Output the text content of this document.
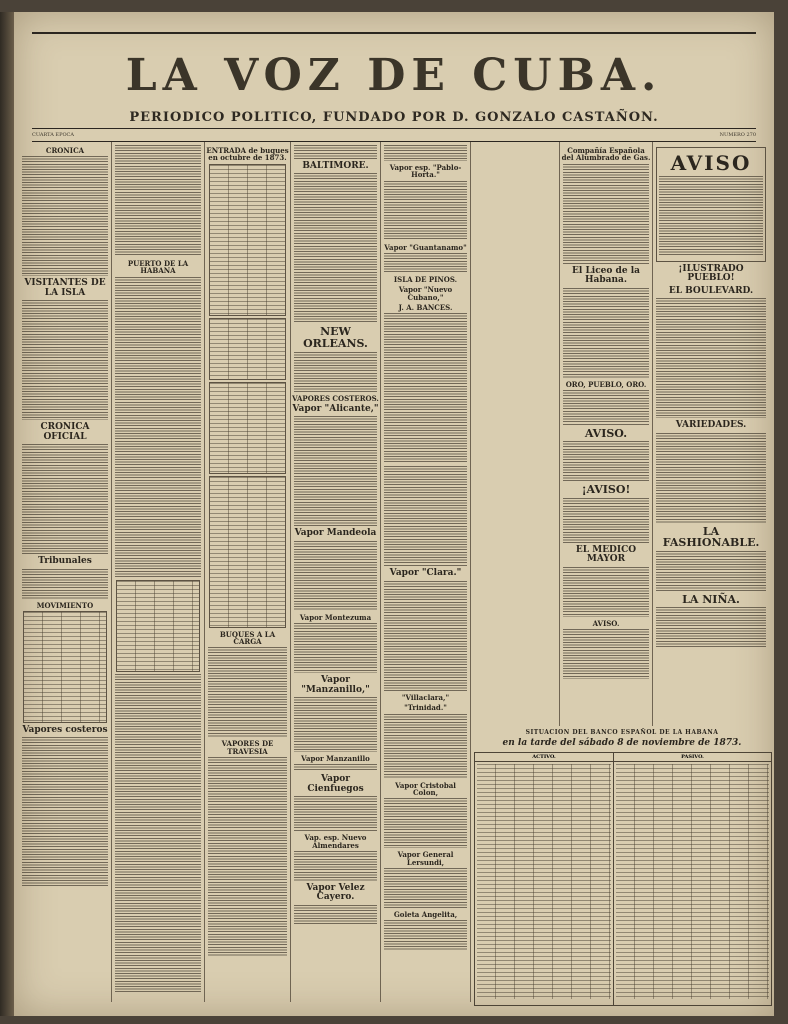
LA VOZ DE CUBA.
PERIODICO POLITICO, FUNDADO POR D. GONZALO CASTAÑON.
CUARTA EPOCA	NUMERO 270
CRONICA
VISITANTES DE LA ISLA
CRONICA OFICIAL
Tribunales
MOVIMIENTO
Vapores costeros
PUERTO DE LA HABANA
ENTRADA de buques en octubre de 1873.
BUQUES A LA CARGA
VAPORES DE TRAVESIA
BALTIMORE.
NEW ORLEANS.
VAPORES COSTEROS.
Vapor "Alicante,"
Vapor Mandeola
Vapor Montezuma
Vapor "Manzanillo,"
Vapor Manzanillo
Vapor Cienfuegos
Vap. esp. Nuevo Almendares
Vapor Velez Cayero.
Vapor esp. "Pablo-Horta."
Vapor "Guantanamo"
ISLA DE PINOS.
Vapor "Nuevo Cubano,"
J. A. BANCES.
Vapor "Clara."
"Villaclara,"
"Trinidad."
Vapor Cristobal Colon,
Vapor General Lersundi,
Goleta Angelita,
Compañía Española del Alumbrado de Gas.
El Liceo de la Habana.
ORO, PUEBLO, ORO.
AVISO.
¡AVISO!
EL MEDICO MAYOR
AVISO.
AVISO
¡ILUSTRADO PUEBLO!
EL BOULEVARD.
VARIEDADES.
LA FASHIONABLE.
LA NIÑA.
SITUACION DEL BANCO ESPAÑOL DE LA HABANA
en la tarde del sábado 8 de noviembre de 1873.
ACTIVO.	PASIVO.
